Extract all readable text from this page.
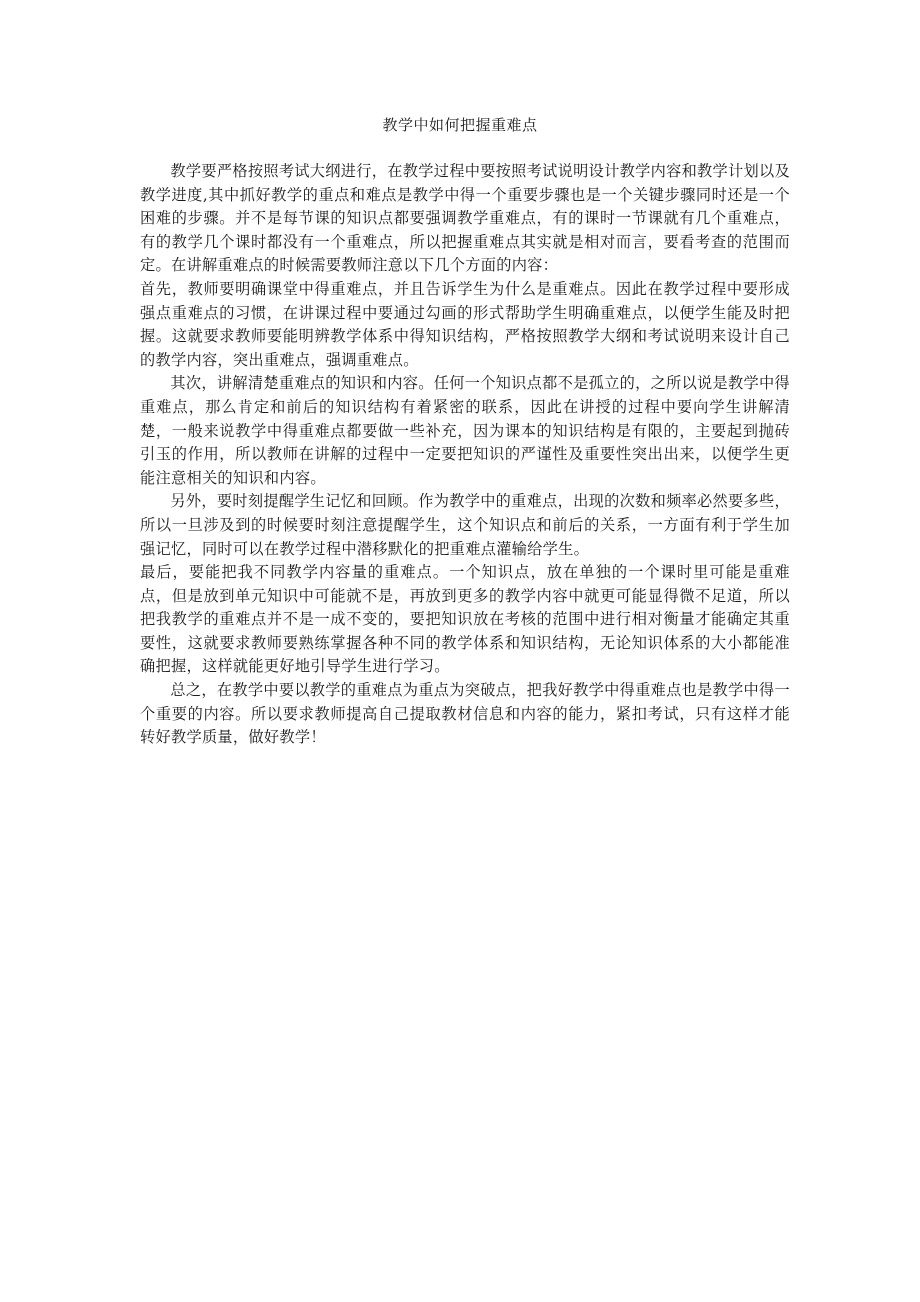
教学中如何把握重难点

教学要严格按照考试大纲进行，在教学过程中要按照考试说明设计教学内容和教学计划以及教学进度,其中抓好教学的重点和难点是教学中得一个重要步骤也是一个关键步骤同时还是一个困难的步骤。并不是每节课的知识点都要强调教学重难点，有的课时一节课就有几个重难点，有的教学几个课时都没有一个重难点，所以把握重难点其实就是相对而言，要看考查的范围而定。在讲解重难点的时候需要教师注意以下几个方面的内容：

首先，教师要明确课堂中得重难点，并且告诉学生为什么是重难点。因此在教学过程中要形成强点重难点的习惯，在讲课过程中要通过勾画的形式帮助学生明确重难点，以便学生能及时把握。这就要求教师要能明辨教学体系中得知识结构，严格按照教学大纲和考试说明来设计自己的教学内容，突出重难点，强调重难点。

其次，讲解清楚重难点的知识和内容。任何一个知识点都不是孤立的，之所以说是教学中得重难点，那么肯定和前后的知识结构有着紧密的联系，因此在讲授的过程中要向学生讲解清楚，一般来说教学中得重难点都要做一些补充，因为课本的知识结构是有限的，主要起到抛砖引玉的作用，所以教师在讲解的过程中一定要把知识的严谨性及重要性突出出来，以便学生更能注意相关的知识和内容。

另外，要时刻提醒学生记忆和回顾。作为教学中的重难点，出现的次数和频率必然要多些，所以一旦涉及到的时候要时刻注意提醒学生，这个知识点和前后的关系，一方面有利于学生加强记忆，同时可以在教学过程中潜移默化的把重难点灌输给学生。

最后，要能把我不同教学内容量的重难点。一个知识点，放在单独的一个课时里可能是重难点，但是放到单元知识中可能就不是，再放到更多的教学内容中就更可能显得微不足道，所以把我教学的重难点并不是一成不变的，要把知识放在考核的范围中进行相对衡量才能确定其重要性，这就要求教师要熟练掌握各种不同的教学体系和知识结构，无论知识体系的大小都能准确把握，这样就能更好地引导学生进行学习。

总之，在教学中要以教学的重难点为重点为突破点，把我好教学中得重难点也是教学中得一个重要的内容。所以要求教师提高自己提取教材信息和内容的能力，紧扣考试，只有这样才能转好教学质量，做好教学！
